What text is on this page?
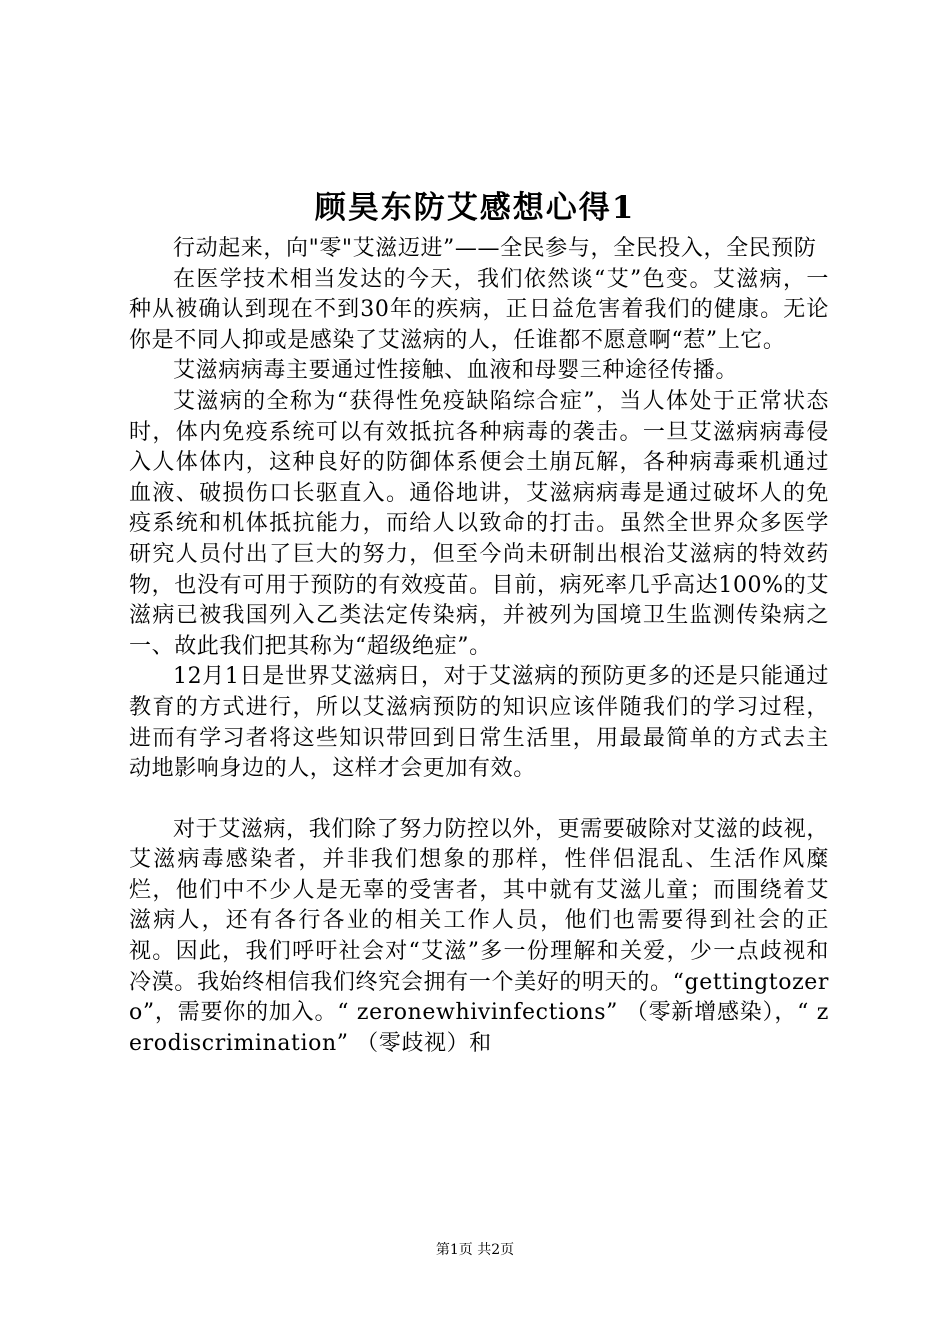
顾昊东防艾感想心得1

行动起来，向"零"艾滋迈进”——全民参与，全民投入，全民预防

在医学技术相当发达的今天，我们依然谈“艾”色变。艾滋病，一种从被确认到现在不到30年的疾病，正日益危害着我们的健康。无论你是不同人抑或是感染了艾滋病的人，任谁都不愿意啊“惹”上它。

艾滋病病毒主要通过性接触、血液和母婴三种途径传播。

艾滋病的全称为“获得性免疫缺陷综合症”，当人体处于正常状态时，体内免疫系统可以有效抵抗各种病毒的袭击。一旦艾滋病病毒侵入人体体内，这种良好的防御体系便会土崩瓦解，各种病毒乘机通过血液、破损伤口长驱直入。通俗地讲，艾滋病病毒是通过破坏人的免疫系统和机体抵抗能力，而给人以致命的打击。虽然全世界众多医学研究人员付出了巨大的努力，但至今尚未研制出根治艾滋病的特效药物，也没有可用于预防的有效疫苗。目前，病死率几乎高达100%的艾滋病已被我国列入乙类法定传染病，并被列为国境卫生监测传染病之一、故此我们把其称为“超级绝症”。

12月1日是世界艾滋病日，对于艾滋病的预防更多的还是只能通过教育的方式进行，所以艾滋病预防的知识应该伴随我们的学习过程，进而有学习者将这些知识带回到日常生活里，用最最简单的方式去主动地影响身边的人，这样才会更加有效。

对于艾滋病，我们除了努力防控以外，更需要破除对艾滋的歧视，艾滋病毒感染者，并非我们想象的那样，性伴侣混乱、生活作风糜烂，他们中不少人是无辜的受害者，其中就有艾滋儿童；而围绕着艾滋病人，还有各行各业的相关工作人员，他们也需要得到社会的正视。因此，我们呼吁社会对“艾滋”多一份理解和关爱，少一点歧视和冷漠。我始终相信我们终究会拥有一个美好的明天的。“gettingtozero”，需要你的加入。“ zeronewhivinfections” （零新增感染），“ zerodiscrimination” （零歧视）和

第1页 共2页
